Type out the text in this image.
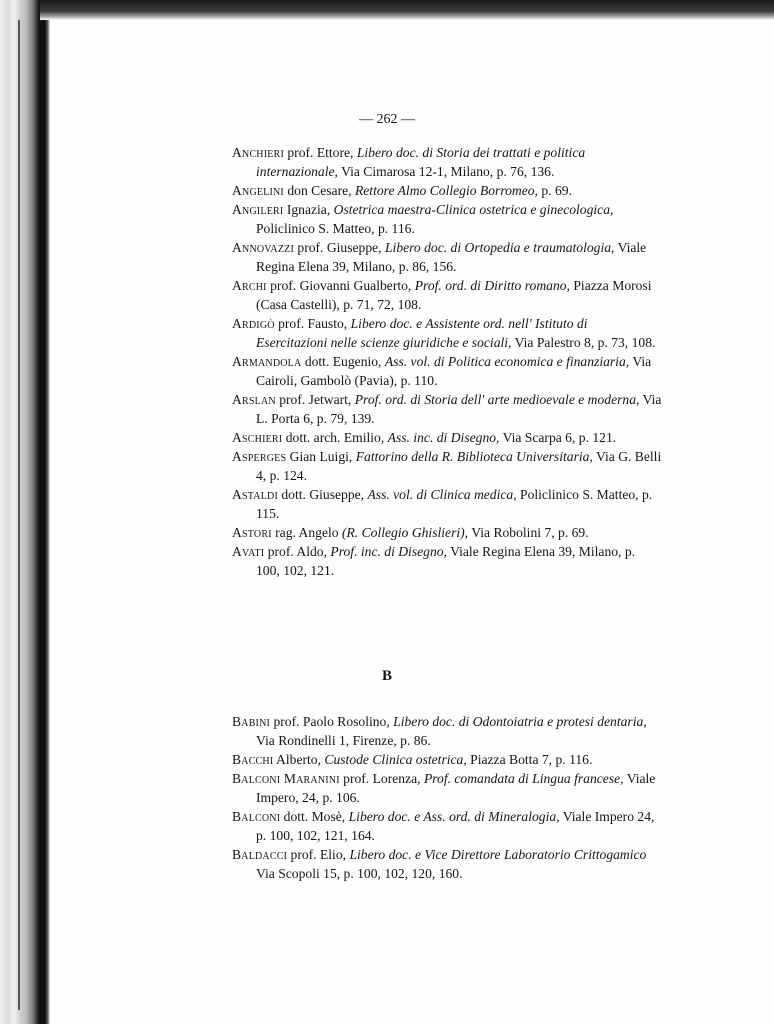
— 262 —
Anchieri prof. Ettore, Libero doc. di Storia dei trattati e politica internazionale, Via Cimarosa 12-1, Milano, p. 76, 136.
Angelini don Cesare, Rettore Almo Collegio Borromeo, p. 69.
Angileri Ignazia, Ostetrica maestra-Clinica ostetrica e ginecologica, Policlinico S. Matteo, p. 116.
Annovazzi prof. Giuseppe, Libero doc. di Ortopedia e traumatologia, Viale Regina Elena 39, Milano, p. 86, 156.
Archi prof. Giovanni Gualberto, Prof. ord. di Diritto romano, Piazza Morosi (Casa Castelli), p. 71, 72, 108.
Ardigò prof. Fausto, Libero doc. e Assistente ord. nell' Istituto di Esercitazioni nelle scienze giuridiche e sociali, Via Palestro 8, p. 73, 108.
Armandola dott. Eugenio, Ass. vol. di Politica economica e finanziaria, Via Cairoli, Gambolò (Pavia), p. 110.
Arslan prof. Jetwart, Prof. ord. di Storia dell' arte medioevale e moderna, Via L. Porta 6, p. 79, 139.
Aschieri dott. arch. Emilio, Ass. inc. di Disegno, Via Scarpa 6, p. 121.
Asperges Gian Luigi, Fattorino della R. Biblioteca Universitaria, Via G. Belli 4, p. 124.
Astaldi dott. Giuseppe, Ass. vol. di Clinica medica, Policlinico S. Matteo, p. 115.
Astori rag. Angelo (R. Collegio Ghislieri), Via Robolini 7, p. 69.
Avati prof. Aldo, Prof. inc. di Disegno, Viale Regina Elena 39, Milano, p. 100, 102, 121.
B
Babini prof. Paolo Rosolino, Libero doc. di Odontoiatria e protesi dentaria, Via Rondinelli 1, Firenze, p. 86.
Bacchi Alberto, Custode Clinica ostetrica, Piazza Botta 7, p. 116.
Balconi Maranini prof. Lorenza, Prof. comandata di Lingua francese, Viale Impero, 24, p. 106.
Balconi dott. Mosè, Libero doc. e Ass. ord. di Mineralogia, Viale Impero 24, p. 100, 102, 121, 164.
Baldacci prof. Elio, Libero doc. e Vice Direttore Laboratorio Crittogamico Via Scopoli 15, p. 100, 102, 120, 160.
